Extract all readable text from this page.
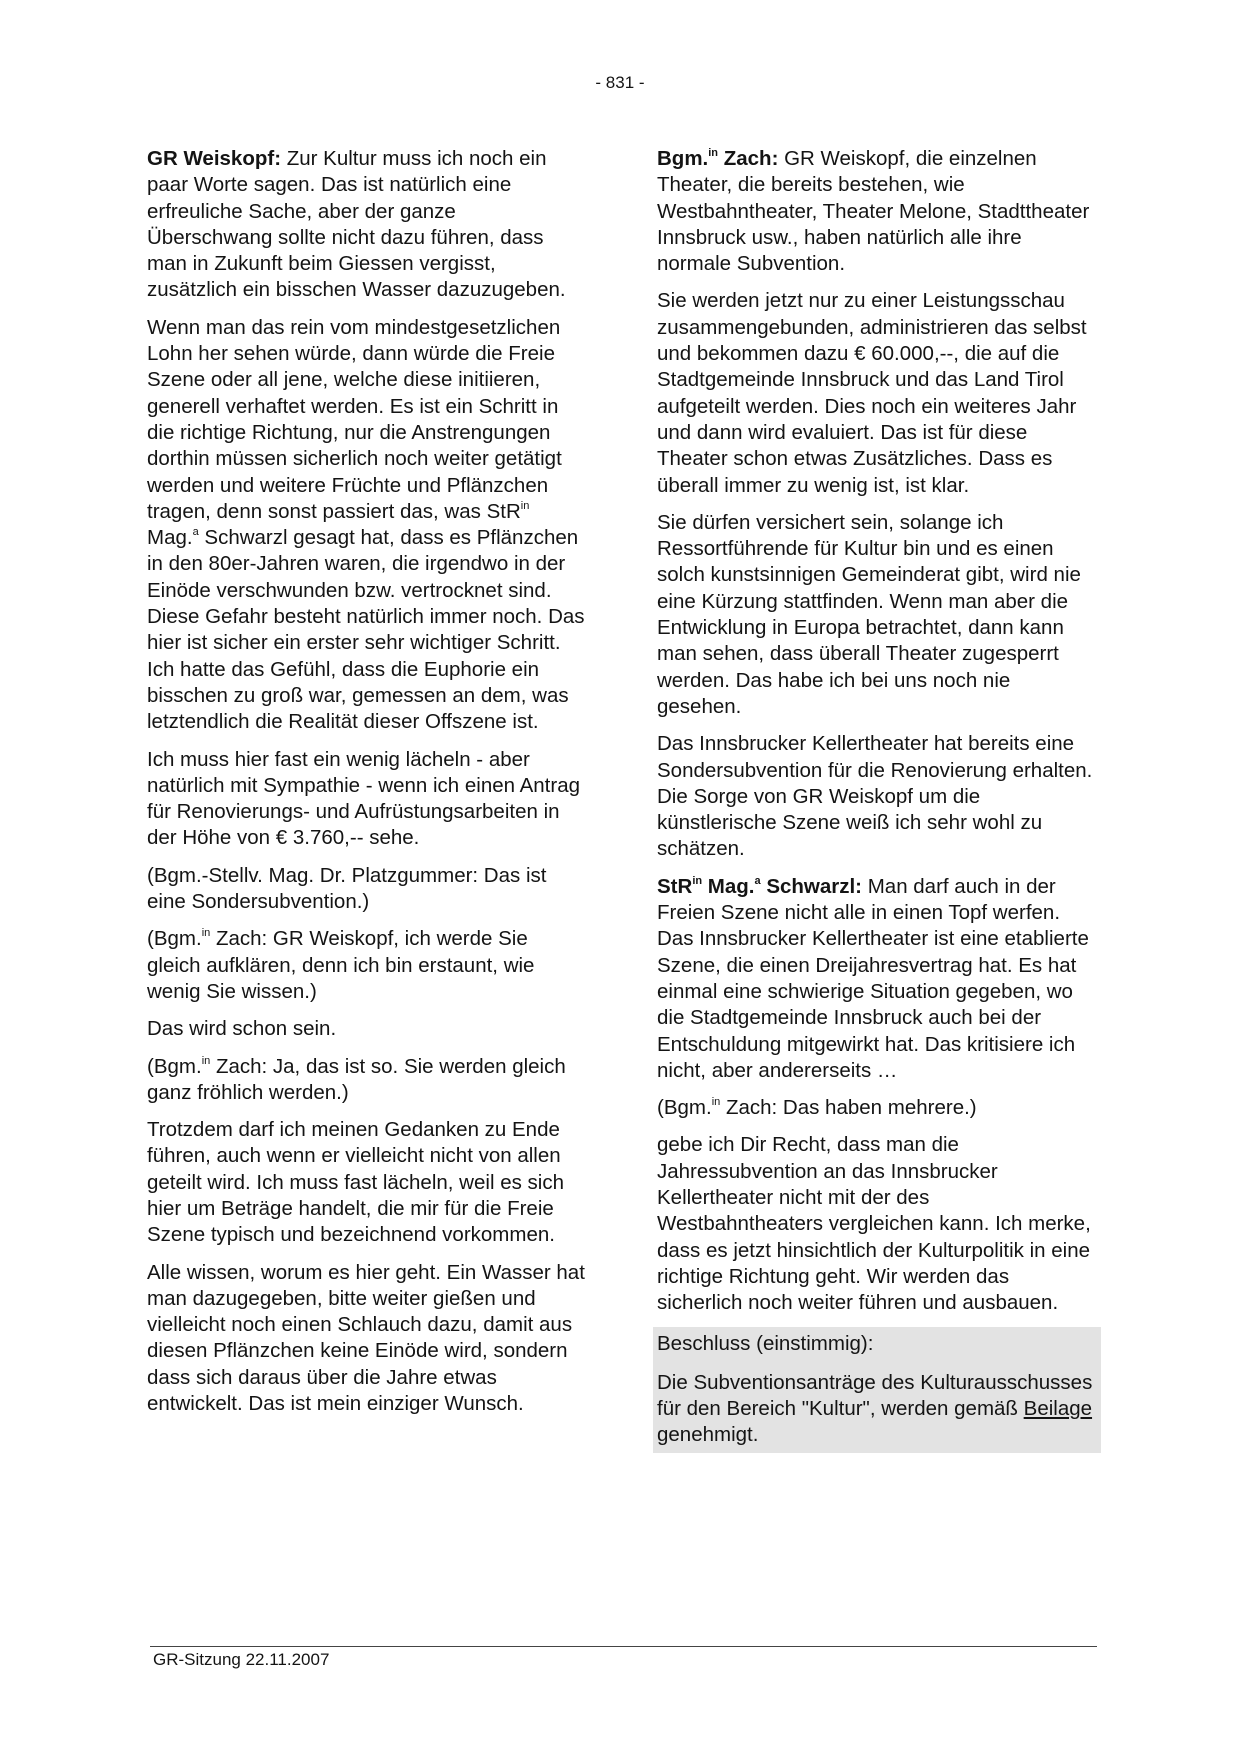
- 831 -

GR Weiskopf: Zur Kultur muss ich noch ein paar Worte sagen. Das ist natürlich eine erfreuliche Sache, aber der ganze Überschwang sollte nicht dazu führen, dass man in Zukunft beim Giessen vergisst, zusätzlich ein bisschen Wasser dazuzugeben.

Wenn man das rein vom mindestgesetzlichen Lohn her sehen würde, dann würde die Freie Szene oder all jene, welche diese initiieren, generell verhaftet werden. Es ist ein Schritt in die richtige Richtung, nur die Anstrengungen dorthin müssen sicherlich noch weiter getätigt werden und weitere Früchte und Pflänzchen tragen, denn sonst passiert das, was StR$^{in}$ Mag.$^a$ Schwarzl gesagt hat, dass es Pflänzchen in den 80er-Jahren waren, die irgendwo in der Einöde verschwunden bzw. vertrocknet sind. Diese Gefahr besteht natürlich immer noch. Das hier ist sicher ein erster sehr wichtiger Schritt. Ich hatte das Gefühl, dass die Euphorie ein bisschen zu groß war, gemessen an dem, was letztendlich die Realität dieser Offszene ist.

Ich muss hier fast ein wenig lächeln - aber natürlich mit Sympathie - wenn ich einen Antrag für Renovierungs- und Aufrüstungsarbeiten in der Höhe von € 3.760,-- sehe.

(Bgm.-Stellv. Mag. Dr. Platzgummer: Das ist eine Sondersubvention.)

(Bgm.$^{in}$ Zach: GR Weiskopf, ich werde Sie gleich aufklären, denn ich bin erstaunt, wie wenig Sie wissen.)

Das wird schon sein.

(Bgm.$^{in}$ Zach: Ja, das ist so. Sie werden gleich ganz fröhlich werden.)

Trotzdem darf ich meinen Gedanken zu Ende führen, auch wenn er vielleicht nicht von allen geteilt wird. Ich muss fast lächeln, weil es sich hier um Beträge handelt, die mir für die Freie Szene typisch und bezeichnend vorkommen.

Alle wissen, worum es hier geht. Ein Wasser hat man dazugegeben, bitte weiter gießen und vielleicht noch einen Schlauch dazu, damit aus diesen Pflänzchen keine Einöde wird, sondern dass sich daraus über die Jahre etwas entwickelt. Das ist mein einziger Wunsch.

Bgm.$^{in}$ Zach: GR Weiskopf, die einzelnen Theater, die bereits bestehen, wie Westbahntheater, Theater Melone, Stadttheater Innsbruck usw., haben natürlich alle ihre normale Subvention.

Sie werden jetzt nur zu einer Leistungsschau zusammengebunden, administrieren das selbst und bekommen dazu € 60.000,--, die auf die Stadtgemeinde Innsbruck und das Land Tirol aufgeteilt werden. Dies noch ein weiteres Jahr und dann wird evaluiert. Das ist für diese Theater schon etwas Zusätzliches. Dass es überall immer zu wenig ist, ist klar.

Sie dürfen versichert sein, solange ich Ressortführende für Kultur bin und es einen solch kunstsinnigen Gemeinderat gibt, wird nie eine Kürzung stattfinden. Wenn man aber die Entwicklung in Europa betrachtet, dann kann man sehen, dass überall Theater zugesperrt werden. Das habe ich bei uns noch nie gesehen.

Das Innsbrucker Kellertheater hat bereits eine Sondersubvention für die Renovierung erhalten. Die Sorge von GR Weiskopf um die künstlerische Szene weiß ich sehr wohl zu schätzen.

StR$^{in}$ Mag.$^a$ Schwarzl: Man darf auch in der Freien Szene nicht alle in einen Topf werfen. Das Innsbrucker Kellertheater ist eine etablierte Szene, die einen Dreijahresvertrag hat. Es hat einmal eine schwierige Situation gegeben, wo die Stadtgemeinde Innsbruck auch bei der Entschuldung mitgewirkt hat. Das kritisiere ich nicht, aber andererseits …

(Bgm.$^{in}$ Zach: Das haben mehrere.)

gebe ich Dir Recht, dass man die Jahressubvention an das Innsbrucker Kellertheater nicht mit der des Westbahntheaters vergleichen kann. Ich merke, dass es jetzt hinsichtlich der Kulturpolitik in eine richtige Richtung geht. Wir werden das sicherlich noch weiter führen und ausbauen.

Beschluss (einstimmig):

Die Subventionsanträge des Kulturausschusses für den Bereich "Kultur", werden gemäß Beilage genehmigt.

GR-Sitzung 22.11.2007
